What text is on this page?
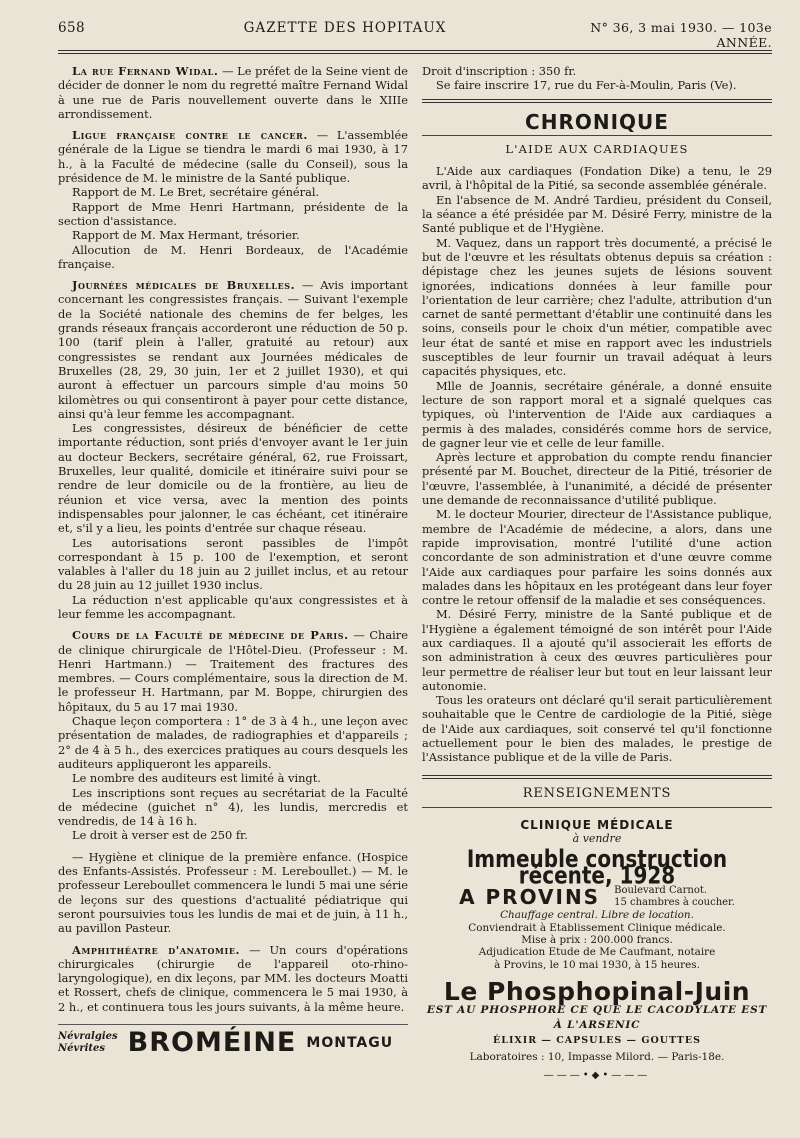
658	GAZETTE DES HOPITAUX	N° 36, 3 mai 1930. — 103e ANNÉE.

La rue Fernand Widal. — Le préfet de la Seine vient de décider de donner le nom du regretté maître Fernand Widal à une rue de Paris nouvellement ouverte dans le XIIIe arrondissement.

Ligue française contre le cancer. — L'assemblée générale de la Ligue se tiendra le mardi 6 mai 1930, à 17 h., à la Faculté de médecine (salle du Conseil), sous la présidence de M. le ministre de la Santé publique.

Rapport de M. Le Bret, secrétaire général.

Rapport de Mme Henri Hartmann, présidente de la section d'assistance.

Rapport de M. Max Hermant, trésorier.

Allocution de M. Henri Bordeaux, de l'Académie française.

Journées médicales de Bruxelles. — Avis important concernant les congressistes français. — Suivant l'exemple de la Société nationale des chemins de fer belges, les grands réseaux français accorderont une réduction de 50 p. 100 (tarif plein à l'aller, gratuité au retour) aux congressistes se rendant aux Journées médicales de Bruxelles (28, 29, 30 juin, 1er et 2 juillet 1930), et qui auront à effectuer un parcours simple d'au moins 50 kilomètres ou qui consentiront à payer pour cette distance, ainsi qu'à leur femme les accompagnant.

Les congressistes, désireux de bénéficier de cette importante réduction, sont priés d'envoyer avant le 1er juin au docteur Beckers, secrétaire général, 62, rue Froissart, Bruxelles, leur qualité, domicile et itinéraire suivi pour se rendre de leur domicile ou de la frontière, au lieu de réunion et vice versa, avec la mention des points indispensables pour jalonner, le cas échéant, cet itinéraire et, s'il y a lieu, les points d'entrée sur chaque réseau.

Les autorisations seront passibles de l'impôt correspondant à 15 p. 100 de l'exemption, et seront valables à l'aller du 18 juin au 2 juillet inclus, et au retour du 28 juin au 12 juillet 1930 inclus.

La réduction n'est applicable qu'aux congressistes et à leur femme les accompagnant.

Cours de la Faculté de médecine de Paris. — Chaire de clinique chirurgicale de l'Hôtel-Dieu. (Professeur : M. Henri Hartmann.) — Traitement des fractures des membres. — Cours complémentaire, sous la direction de M. le professeur H. Hartmann, par M. Boppe, chirurgien des hôpitaux, du 5 au 17 mai 1930.

Chaque leçon comportera : 1° de 3 à 4 h., une leçon avec présentation de malades, de radiographies et d'appareils ; 2° de 4 à 5 h., des exercices pratiques au cours desquels les auditeurs appliqueront les appareils.

Le nombre des auditeurs est limité à vingt.

Les inscriptions sont reçues au secrétariat de la Faculté de médecine (guichet n° 4), les lundis, mercredis et vendredis, de 14 à 16 h.

Le droit à verser est de 250 fr.

— Hygiène et clinique de la première enfance. (Hospice des Enfants-Assistés. Professeur : M. Lereboullet.) — M. le professeur Lereboullet commencera le lundi 5 mai une série de leçons sur des questions d'actualité pédiatrique qui seront poursuivies tous les lundis de mai et de juin, à 11 h., au pavillon Pasteur.

Amphithéatre d'anatomie. — Un cours d'opérations chirurgicales (chirurgie de l'appareil oto-rhino-laryngologique), en dix leçons, par MM. les docteurs Moatti et Rossert, chefs de clinique, commencera le 5 mai 1930, à 2 h., et continuera tous les jours suivants, à la même heure.

Névralgies
Névrites BROMÉINE MONTAGU

Droit d'inscription : 350 fr.

Se faire inscrire 17, rue du Fer-à-Moulin, Paris (Ve).

CHRONIQUE
L'AIDE AUX CARDIAQUES

L'Aide aux cardiaques (Fondation Dike) a tenu, le 29 avril, à l'hôpital de la Pitié, sa seconde assemblée générale.

En l'absence de M. André Tardieu, président du Conseil, la séance a été présidée par M. Désiré Ferry, ministre de la Santé publique et de l'Hygiène.

M. Vaquez, dans un rapport très documenté, a précisé le but de l'œuvre et les résultats obtenus depuis sa création : dépistage chez les jeunes sujets de lésions souvent ignorées, indications données à leur famille pour l'orientation de leur carrière; chez l'adulte, attribution d'un carnet de santé permettant d'établir une continuité dans les soins, conseils pour le choix d'un métier, compatible avec leur état de santé et mise en rapport avec les industriels susceptibles de leur fournir un travail adéquat à leurs capacités physiques, etc.

Mlle de Joannis, secrétaire générale, a donné ensuite lecture de son rapport moral et a signalé quelques cas typiques, où l'intervention de l'Aide aux cardiaques a permis à des malades, considérés comme hors de service, de gagner leur vie et celle de leur famille.

Après lecture et approbation du compte rendu financier présenté par M. Bouchet, directeur de la Pitié, trésorier de l'œuvre, l'assemblée, à l'unanimité, a décidé de présenter une demande de reconnaissance d'utilité publique.

M. le docteur Mourier, directeur de l'Assistance publique, membre de l'Académie de médecine, a alors, dans une rapide improvisation, montré l'utilité d'une action concordante de son administration et d'une œuvre comme l'Aide aux cardiaques pour parfaire les soins donnés aux malades dans les hôpitaux en les protégeant dans leur foyer contre le retour offensif de la maladie et ses conséquences.

M. Désiré Ferry, ministre de la Santé publique et de l'Hygiène a également témoigné de son intérêt pour l'Aide aux cardiaques. Il a ajouté qu'il associerait les efforts de son administration à ceux des œuvres particulières pour leur permettre de réaliser leur but tout en leur laissant leur autonomie.

Tous les orateurs ont déclaré qu'il serait particulièrement souhaitable que le Centre de cardiologie de la Pitié, siège de l'Aide aux cardiaques, soit conservé tel qu'il fonctionne actuellement pour le bien des malades, le prestige de l'Assistance publique et de la ville de Paris.

RENSEIGNEMENTS
CLINIQUE MÉDICALE
à vendre
Immeuble construction récente, 1928
A PROVINS Boulevard Carnot.
15 chambres à coucher.
Chauffage central. Libre de location.
Conviendrait à Etablissement Clinique médicale.
Mise à prix : 200.000 francs.
Adjudication Etude de Me Caufmant, notaire
à Provins, le 10 mai 1930, à 15 heures.
Le Phosphopinal-Juin
EST AU PHOSPHORE CE QUE LE CACODYLATE EST À L'ARSENIC
ÉLIXIR — CAPSULES — GOUTTES
Laboratoires : 10, Impasse Milord. — Paris-18e.
———•◆•———
